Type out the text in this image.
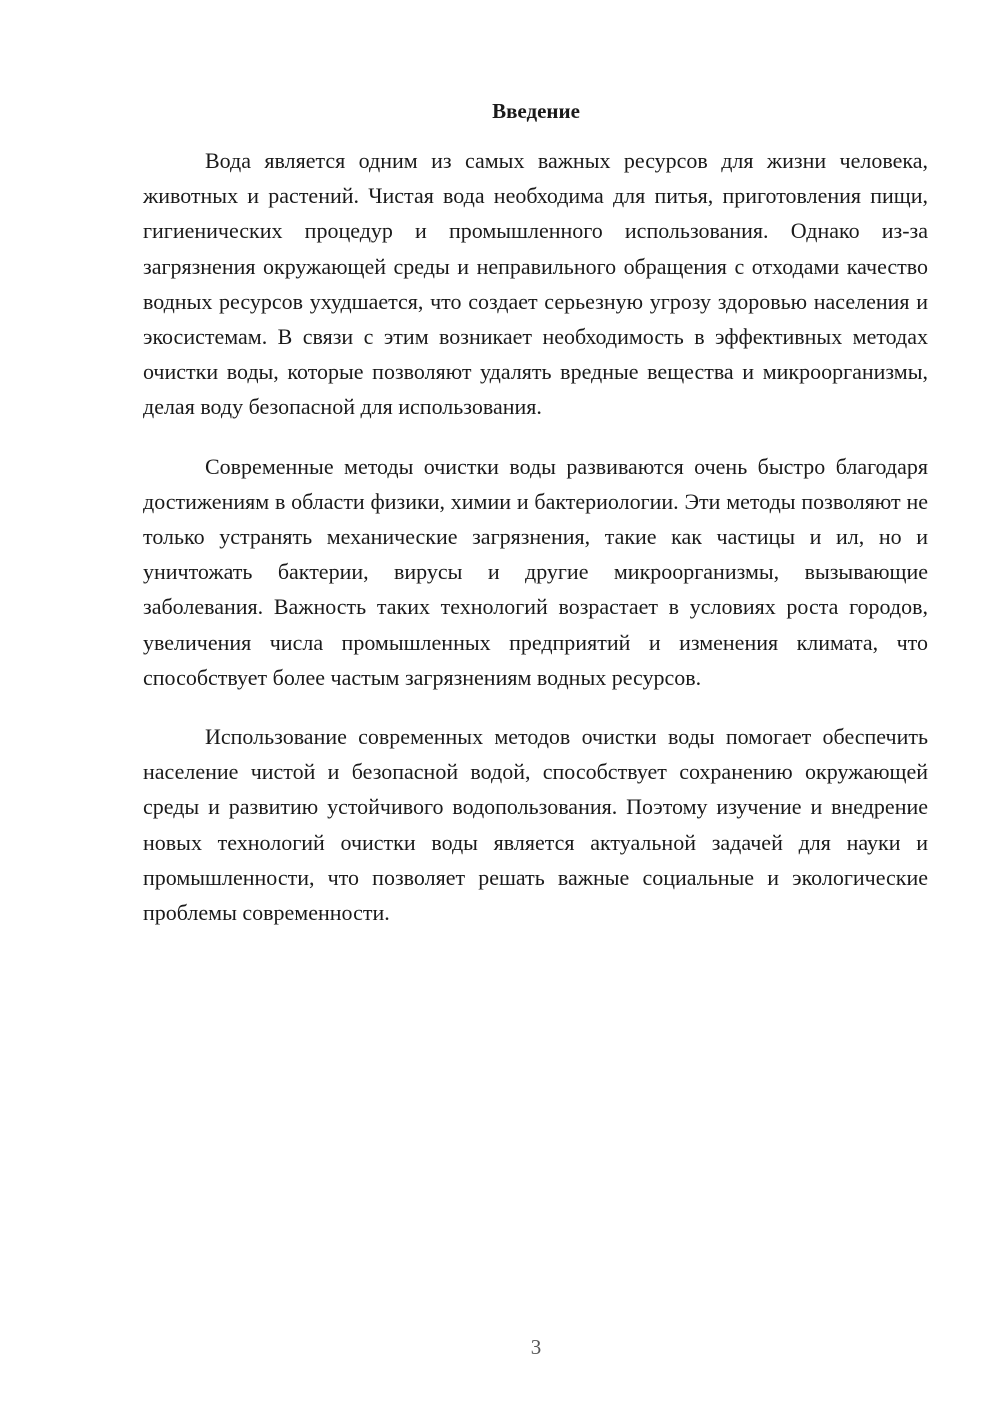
Введение

Вода является одним из самых важных ресурсов для жизни человека, животных и растений. Чистая вода необходима для питья, приготовления пищи, гигиенических процедур и промышленного использования. Однако из-за загрязнения окружающей среды и неправильного обращения с отходами качество водных ресурсов ухудшается, что создает серьезную угрозу здоровью населения и экосистемам. В связи с этим возникает необходимость в эффективных методах очистки воды, которые позволяют удалять вредные вещества и микроорганизмы, делая воду безопасной для использования.

Современные методы очистки воды развиваются очень быстро благодаря достижениям в области физики, химии и бактериологии. Эти методы позволяют не только устранять механические загрязнения, такие как частицы и ил, но и уничтожать бактерии, вирусы и другие микроорганизмы, вызывающие заболевания. Важность таких технологий возрастает в условиях роста городов, увеличения числа промышленных предприятий и изменения климата, что способствует более частым загрязнениям водных ресурсов.

Использование современных методов очистки воды помогает обеспечить население чистой и безопасной водой, способствует сохранению окружающей среды и развитию устойчивого водопользования. Поэтому изучение и внедрение новых технологий очистки воды является актуальной задачей для науки и промышленности, что позволяет решать важные социальные и экологические проблемы современности.

3
